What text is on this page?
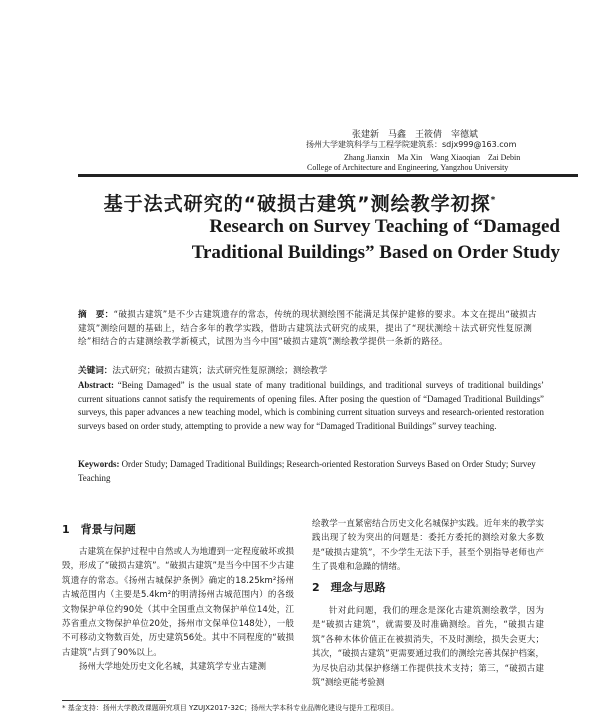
张建新　马鑫　王筱倩　宰德斌
扬州大学建筑科学与工程学院建筑系：sdjx999@163.com
Zhang Jianxin　Ma Xin　Wang Xiaoqian　Zai Debin
College of Architecture and Engineering, Yangzhou University
基于法式研究的“破损古建筑”测绘教学初探*
Research on Survey Teaching of “Damaged
Traditional Buildings” Based on Order Study
摘　要：“破损古建筑”是不少古建筑遗存的常态，传统的现状测绘图不能满足其保护建修的要求。本文在提出“破损古建筑”测绘问题的基础上，结合多年的教学实践，借助古建筑法式研究的成果，提出了“现状测绘＋法式研究性复原测绘”相结合的古建测绘教学新模式，试图为当今中国“破损古建筑”测绘教学提供一条新的路径。
关键词：法式研究；破损古建筑；法式研究性复原测绘；测绘教学
Abstract: “Being Damaged” is the usual state of many traditional buildings, and traditional surveys of traditional buildings’ current situations cannot satisfy the requirements of opening files. After posing the question of “Damaged Traditional Buildings” surveys, this paper advances a new teaching model, which is combining current situation surveys and research-oriented restoration surveys based on order study, attempting to provide a new way for “Damaged Traditional Buildings” survey teaching.
Keywords: Order Study; Damaged Traditional Buildings; Research-oriented Restoration Surveys Based on Order Study; Survey Teaching
1　背景与问题
古建筑在保护过程中自然或人为地遭到一定程度破坏或损毁，形成了“破损古建筑”。“破损古建筑”是当今中国不少古建筑遗存的常态。《扬州古城保护条例》确定的18.25km²扬州古城范围内（主要是5.4km²的明清扬州古城范围内）的各级文物保护单位约90处（其中全国重点文物保护单位14处，江苏省重点文物保护单位20处，扬州市文保单位148处），一般不可移动文物数百处，历史建筑56处。其中不同程度的“破损古建筑”占到了90%以上。
扬州大学地处历史文化名城，其建筑学专业古建测
绘教学一直紧密结合历史文化名城保护实践。近年来的教学实践出现了较为突出的问题是：委托方委托的测绘对象大多数是“破损古建筑”，不少学生无法下手，甚至个别指导老师也产生了畏难和急躁的情绪。
2　理念与思路
针对此问题，我们的理念是深化古建筑测绘教学，因为是“破损古建筑”，就需要及时准确测绘。首先，“破损古建筑”各种木体价值正在被损消失，不及时测绘，损失会更大；其次，“破损古建筑”更需要通过我们的测绘完善其保护档案，为尽快启动其保护修缮工作提供技术支持；第三，“破损古建筑”测绘更能考验测
* 基金支持：扬州大学教改课题研究项目 YZUJX2017-32C；扬州大学本科专业品牌化建设与提升工程项目。
